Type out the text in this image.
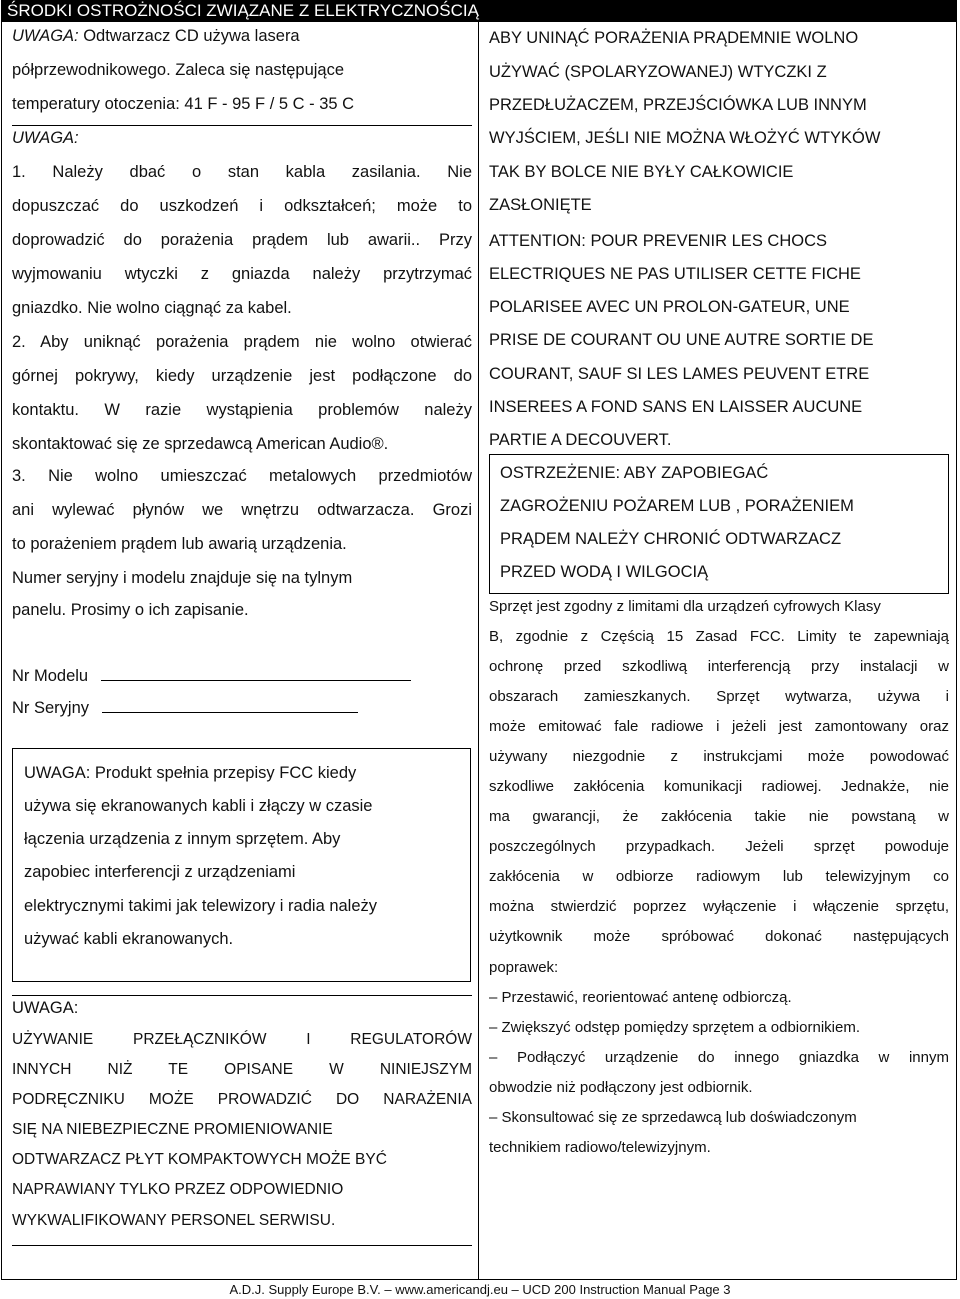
ŚRODKI OSTROŻNOŚCI ZWIĄZANE Z ELEKTRYCZNOŚCIĄ
UWAGA: Odtwarzacz CD używa lasera
półprzewodnikowego. Zaleca się następujące
temperatury otoczenia: 41 F - 95 F / 5 C - 35 C
UWAGA:
1. Należy dbać o stan kabla zasilania. Nie
dopuszczać do uszkodzeń i odkształceń; może to
doprowadzić do porażenia prądem lub awarii.. Przy
wyjmowaniu wtyczki z gniazda należy przytrzymać
gniazdko. Nie wolno ciągnąć za kabel.
2. Aby uniknąć porażenia prądem nie wolno otwierać
górnej pokrywy, kiedy urządzenie jest podłączone do
kontaktu. W razie wystąpienia problemów należy
skontaktować się ze sprzedawcą American Audio®.
3. Nie wolno umieszczać metalowych przedmiotów
ani wylewać płynów we wnętrzu odtwarzacza. Grozi
to porażeniem prądem lub awarią urządzenia.
Numer seryjny i modelu znajduje się na tylnym
panelu. Prosimy o ich zapisanie.
Nr Modelu
Nr Seryjny
UWAGA: Produkt spełnia przepisy FCC kiedy
używa się ekranowanych kabli i złączy w czasie
łączenia urządzenia z innym sprzętem. Aby
zapobiec interferencji z urządzeniami
elektrycznymi takimi jak telewizory i radia należy
używać kabli ekranowanych.
UWAGA:
UŻYWANIE PRZEŁĄCZNIKÓW I REGULATORÓW
INNYCH NIŻ TE OPISANE W NINIEJSZYM
PODRĘCZNIKU MOŻE PROWADZIĆ DO NARAŻENIA
SIĘ NA NIEBEZPIECZNE PROMIENIOWANIE
ODTWARZACZ PŁYT KOMPAKTOWYCH MOŻE BYĆ
NAPRAWIANY TYLKO PRZEZ ODPOWIEDNIO
WYKWALIFIKOWANY PERSONEL SERWISU.
ABY UNINĄĆ PORAŻENIA PRĄDEMNIE WOLNO
UŻYWAĆ (SPOLARYZOWANEJ) WTYCZKI Z
PRZEDŁUŻACZEM, PRZEJŚCIÓWKA LUB INNYM
WYJŚCIEM, JEŚLI NIE MOŻNA WŁOŻYĆ WTYKÓW
TAK BY BOLCE NIE BYŁY CAŁKOWICIE
ZASŁONIĘTE
ATTENTION: POUR PREVENIR LES CHOCS
ELECTRIQUES NE PAS UTILISER CETTE FICHE
POLARISEE AVEC UN PROLON-GATEUR, UNE
PRISE DE COURANT OU UNE AUTRE SORTIE DE
COURANT, SAUF SI LES LAMES PEUVENT ETRE
INSEREES A FOND SANS EN LAISSER AUCUNE
PARTIE A DECOUVERT.
OSTRZEŻENIE: ABY ZAPOBIEGAĆ
ZAGROŻENIU POŻAREM LUB , PORAŻENIEM
PRĄDEM NALEŻY CHRONIĆ ODTWARZACZ
PRZED WODĄ I WILGOCIĄ
Sprzęt jest zgodny z limitami dla urządzeń cyfrowych Klasy
B, zgodnie z Częścią 15 Zasad FCC. Limity te zapewniają
ochronę przed szkodliwą interferencją przy instalacji w
obszarach zamieszkanych. Sprzęt wytwarza, używa i
może emitować fale radiowe i jeżeli jest zamontowany oraz
używany niezgodnie z instrukcjami może powodować
szkodliwe zakłócenia komunikacji radiowej. Jednakże, nie
ma gwarancji, że zakłócenia takie nie powstaną w
poszczególnych przypadkach. Jeżeli sprzęt powoduje
zakłócenia w odbiorze radiowym lub telewizyjnym co
można stwierdzić poprzez wyłączenie i włączenie sprzętu,
użytkownik może spróbować dokonać następujących
poprawek:
– Przestawić, reorientować antenę odbiorczą.
– Zwiększyć odstęp pomiędzy sprzętem a odbiornikiem.
– Podłączyć urządzenie do innego gniazdka w innym
obwodzie niż podłączony jest odbiornik.
– Skonsultować się ze sprzedawcą lub doświadczonym
technikiem radiowo/telewizyjnym.
A.D.J. Supply Europe B.V. – www.americandj.eu – UCD 200 Instruction Manual Page 3
